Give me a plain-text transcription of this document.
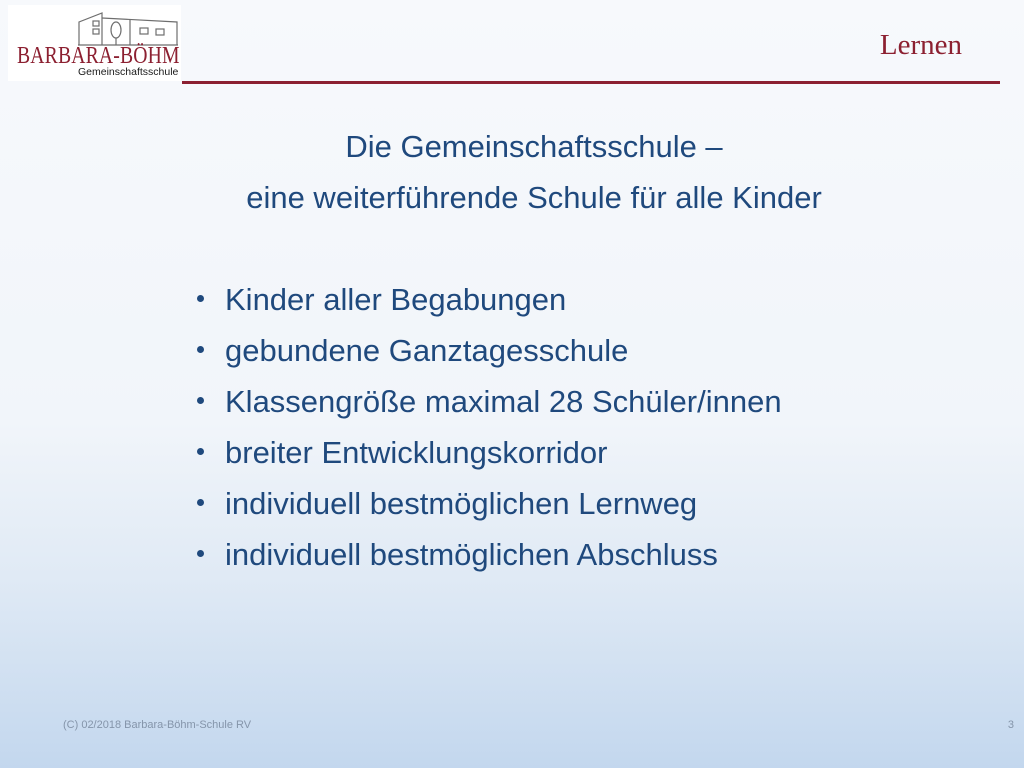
BARBARA-BÖHM
Gemeinschaftsschule
Lernen
Die Gemeinschaftsschule –
eine weiterführende Schule für alle Kinder
Kinder aller Begabungen
gebundene Ganztagesschule
Klassengröße maximal 28 Schüler/innen
breiter Entwicklungskorridor
individuell bestmöglichen Lernweg
individuell bestmöglichen Abschluss
(C) 02/2018 Barbara-Böhm-Schule RV	3
